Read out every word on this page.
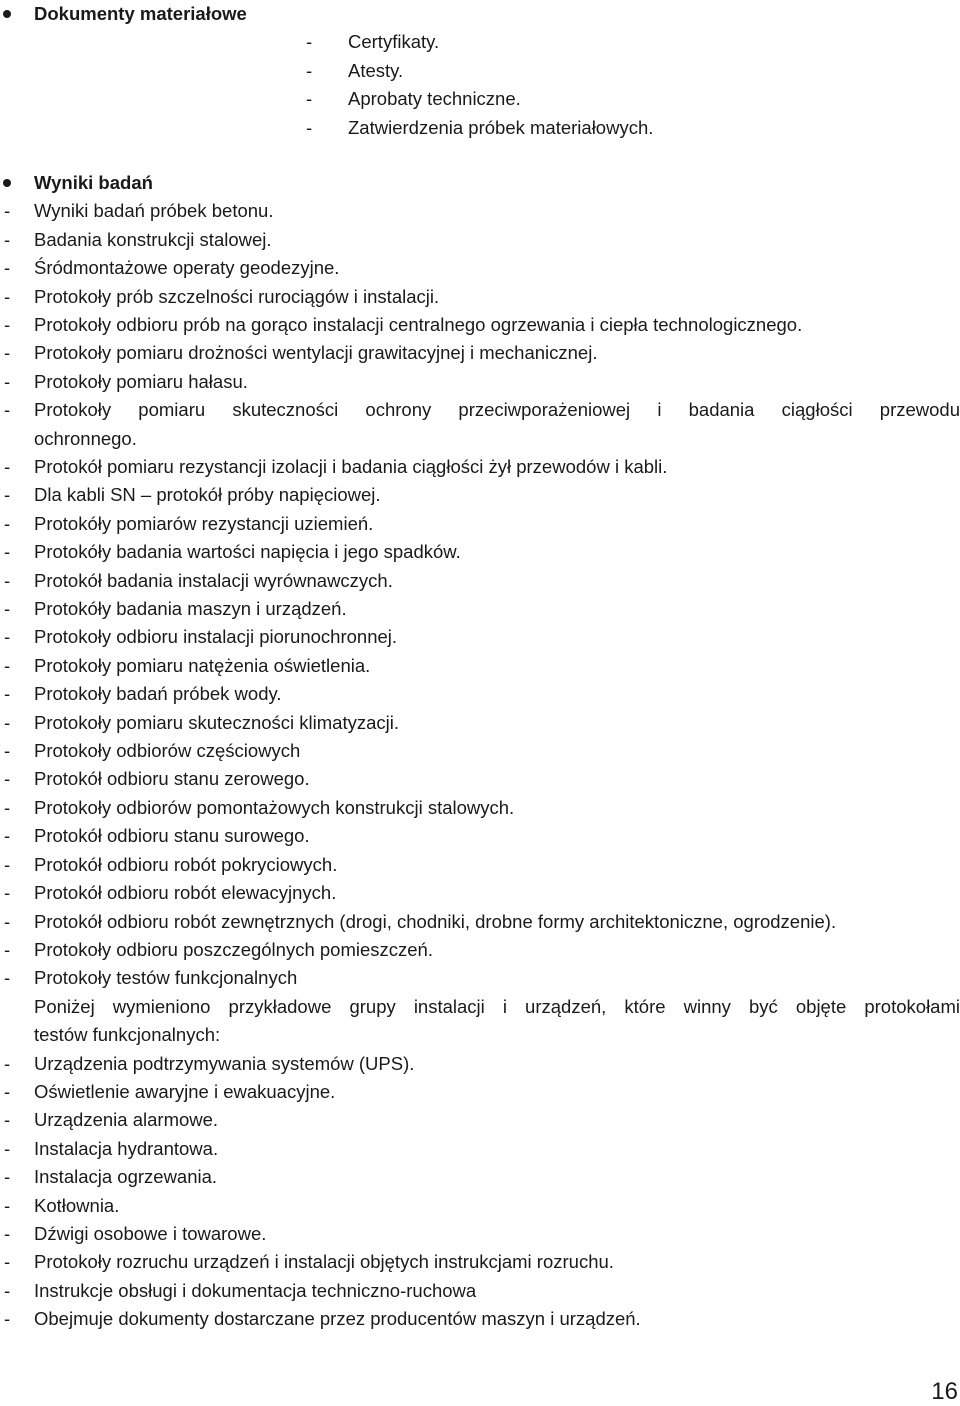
Dokumenty materiałowe
- Certyfikaty.
- Atesty.
- Aprobaty techniczne.
- Zatwierdzenia próbek materiałowych.
Wyniki badań
- Wyniki badań próbek betonu.
- Badania konstrukcji stalowej.
- Śródmontażowe operaty geodezyjne.
- Protokoły prób szczelności rurociągów i instalacji.
- Protokoły odbioru prób na gorąco instalacji centralnego ogrzewania i ciepła technologicznego.
- Protokoły pomiaru drożności wentylacji grawitacyjnej i mechanicznej.
- Protokoły pomiaru hałasu.
- Protokoły pomiaru skuteczności ochrony przeciwporażeniowej i badania ciągłości przewodu
ochronnego.
- Protokół pomiaru rezystancji izolacji i badania ciągłości żył przewodów i kabli.
- Dla kabli SN – protokół próby napięciowej.
- Protokóły pomiarów rezystancji uziemień.
- Protokóły badania wartości napięcia i jego spadków.
- Protokół badania instalacji wyrównawczych.
- Protokóły badania maszyn i urządzeń.
- Protokoły odbioru instalacji piorunochronnej.
- Protokoły pomiaru natężenia oświetlenia.
- Protokoły badań próbek wody.
- Protokoły pomiaru skuteczności klimatyzacji.
- Protokoły odbiorów częściowych
- Protokół odbioru stanu zerowego.
- Protokoły odbiorów pomontażowych konstrukcji stalowych.
- Protokół odbioru stanu surowego.
- Protokół odbioru robót pokryciowych.
- Protokół odbioru robót elewacyjnych.
- Protokół odbioru robót zewnętrznych (drogi, chodniki, drobne formy architektoniczne, ogrodzenie).
- Protokoły odbioru poszczególnych pomieszczeń.
- Protokoły testów funkcjonalnych
Poniżej wymieniono przykładowe grupy instalacji i urządzeń, które winny być objęte protokołami
testów funkcjonalnych:
- Urządzenia podtrzymywania systemów (UPS).
- Oświetlenie awaryjne i ewakuacyjne.
- Urządzenia alarmowe.
- Instalacja hydrantowa.
- Instalacja ogrzewania.
- Kotłownia.
- Dźwigi osobowe i towarowe.
- Protokoły rozruchu urządzeń i instalacji objętych instrukcjami rozruchu.
- Instrukcje obsługi i dokumentacja techniczno-ruchowa
- Obejmuje dokumenty dostarczane przez producentów maszyn i urządzeń.
16
